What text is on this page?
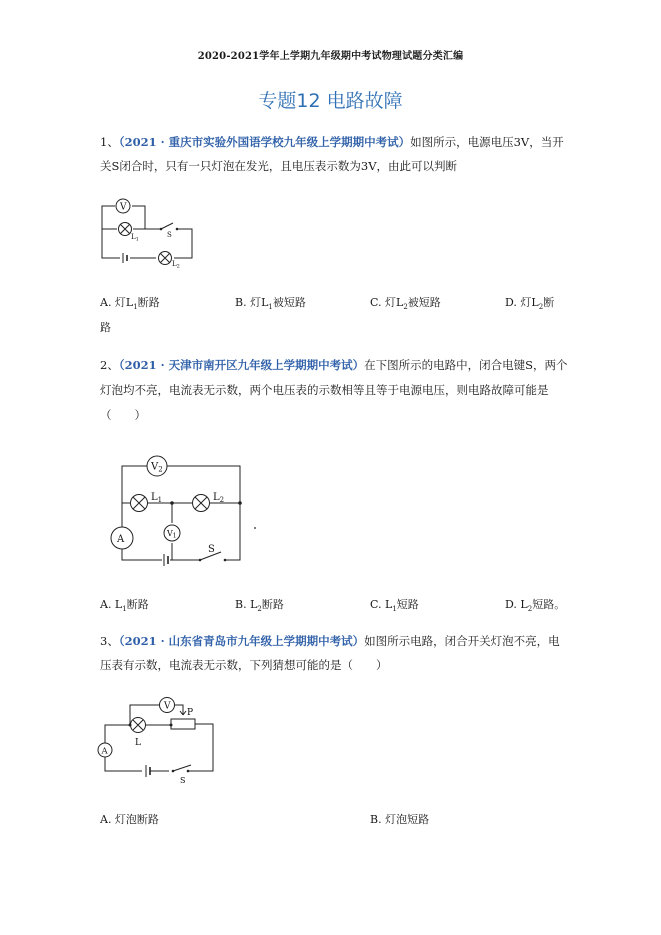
2020-2021学年上学期九年级期中考试物理试题分类汇编
专题12 电路故障
1、（2021 · 重庆市实验外国语学校九年级上学期期中考试）如图所示，电源电压3V，当开
关S闭合时，只有一只灯泡在发光，且电压表示数为3V，由此可以判断
V
$L_1$
S
$L_2$
A. 灯$L_1$断路	B. 灯$L_1$被短路	C. 灯$L_2$被短路	D. 灯$L_2$断
路
2、（2021 · 天津市南开区九年级上学期期中考试）在下图所示的电路中，闭合电键S，两个
灯泡均不亮，电流表无示数，两个电压表的示数相等且等于电源电压，则电路故障可能是
（　　）
$V_2$
$L_1$	$L_2$
A
V1
S
A. $L_1$断路	B. $L_2$断路	C. $L_1$短路	D. $L_2$短路。
3、（2021 · 山东省青岛市九年级上学期期中考试）如图所示电路，闭合开关灯泡不亮，电
压表有示数，电流表无示数，下列猜想可能的是（　　）
V
P
L
A
S
A. 灯泡断路	B. 灯泡短路
